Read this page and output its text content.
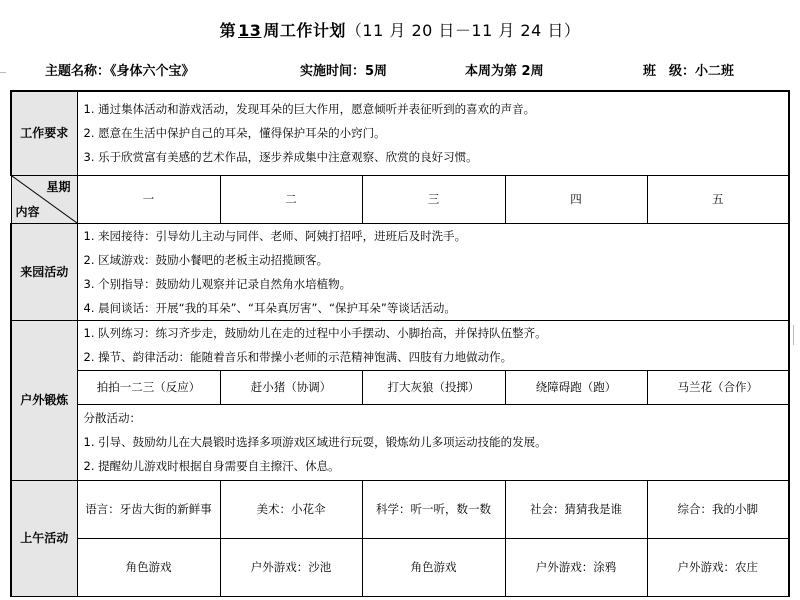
第 13 周工作计划（11 月 20 日－11 月 24 日）
主题名称：《身体六个宝》	实施时间：5周	本周为第 2周	班　级：小二班
工作要求	1. 通过集体活动和游戏活动，发现耳朵的巨大作用，愿意倾听并表征听到的喜欢的声音。
2. 愿意在生活中保护自己的耳朵，懂得保护耳朵的小窍门。
3. 乐于欣赏富有美感的艺术作品，逐步养成集中注意观察、欣赏的良好习惯。				

星期
内容	一	二	三	四	五
来园活动	1. 来园接待：引导幼儿主动与同伴、老师、阿姨打招呼，进班后及时洗手。
2. 区域游戏：鼓励小餐吧的老板主动招揽顾客。
3. 个别指导：鼓励幼儿观察并记录自然角水培植物。
4. 晨间谈话：开展“我的耳朵”、“耳朵真厉害”、“保护耳朵”等谈话活动。				

户外锻炼	1. 队列练习：练习齐步走，鼓励幼儿在走的过程中小手摆动、小脚抬高，并保持队伍整齐。
2. 操节、韵律活动：能随着音乐和带操小老师的示范精神饱满、四肢有力地做动作。				

	拍拍一二三（反应）	赶小猪（协调）	打大灰狼（投掷）	绕障碍跑（跑）	马兰花（合作）

	分散活动：
1. 引导、鼓励幼儿在大晨锻时选择多项游戏区域进行玩耍，锻炼幼儿多项运动技能的发展。
2. 提醒幼儿游戏时根据自身需要自主擦汗、休息。				

上午活动	语言：牙齿大街的新鲜事	美术：小花伞	科学：听一听，数一数	社会：猜猜我是谁	综合：我的小脚
	角色游戏	户外游戏：沙池	角色游戏	户外游戏：涂鸦	户外游戏：农庄
